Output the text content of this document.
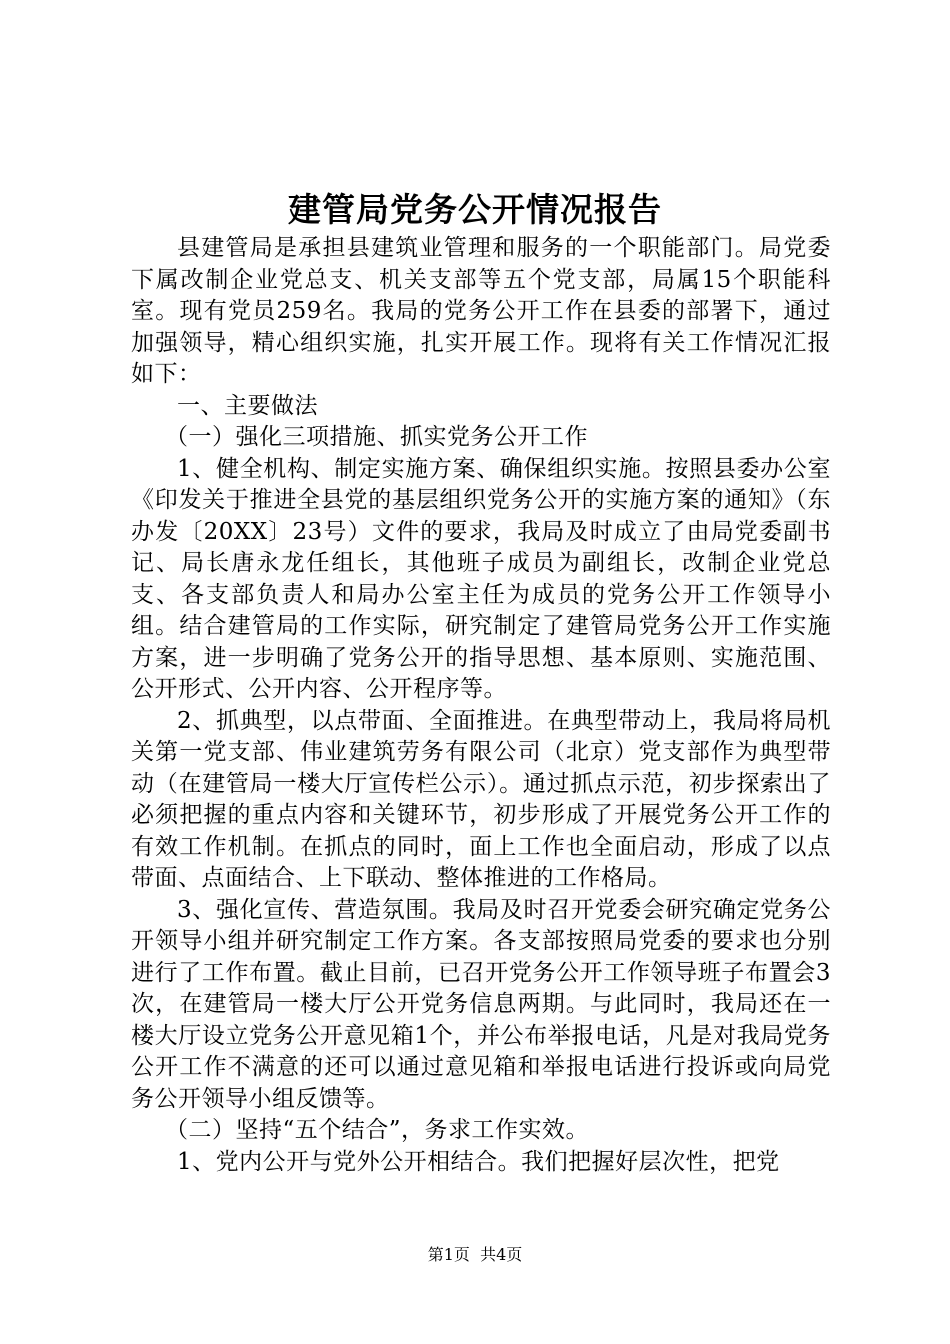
建管局党务公开情况报告

县建管局是承担县建筑业管理和服务的一个职能部门。局党委下属改制企业党总支、机关支部等五个党支部，局属15个职能科室。现有党员259名。我局的党务公开工作在县委的部署下，通过加强领导，精心组织实施，扎实开展工作。现将有关工作情况汇报如下：

一、主要做法

（一）强化三项措施、抓实党务公开工作

1、健全机构、制定实施方案、确保组织实施。按照县委办公室《印发关于推进全县党的基层组织党务公开的实施方案的通知》（东办发〔20XX〕23号）文件的要求，我局及时成立了由局党委副书记、局长唐永龙任组长，其他班子成员为副组长，改制企业党总支、各支部负责人和局办公室主任为成员的党务公开工作领导小组。结合建管局的工作实际，研究制定了建管局党务公开工作实施方案，进一步明确了党务公开的指导思想、基本原则、实施范围、公开形式、公开内容、公开程序等。

2、抓典型，以点带面、全面推进。在典型带动上，我局将局机关第一党支部、伟业建筑劳务有限公司（北京）党支部作为典型带动（在建管局一楼大厅宣传栏公示）。通过抓点示范，初步探索出了必须把握的重点内容和关键环节，初步形成了开展党务公开工作的有效工作机制。在抓点的同时，面上工作也全面启动，形成了以点带面、点面结合、上下联动、整体推进的工作格局。

3、强化宣传、营造氛围。我局及时召开党委会研究确定党务公开领导小组并研究制定工作方案。各支部按照局党委的要求也分别进行了工作布置。截止目前，已召开党务公开工作领导班子布置会3次，在建管局一楼大厅公开党务信息两期。与此同时，我局还在一楼大厅设立党务公开意见箱1个，并公布举报电话，凡是对我局党务公开工作不满意的还可以通过意见箱和举报电话进行投诉或向局党务公开领导小组反馈等。

（二）坚持“五个结合”，务求工作实效。

1、党内公开与党外公开相结合。我们把握好层次性，把党

第1页 共4页
